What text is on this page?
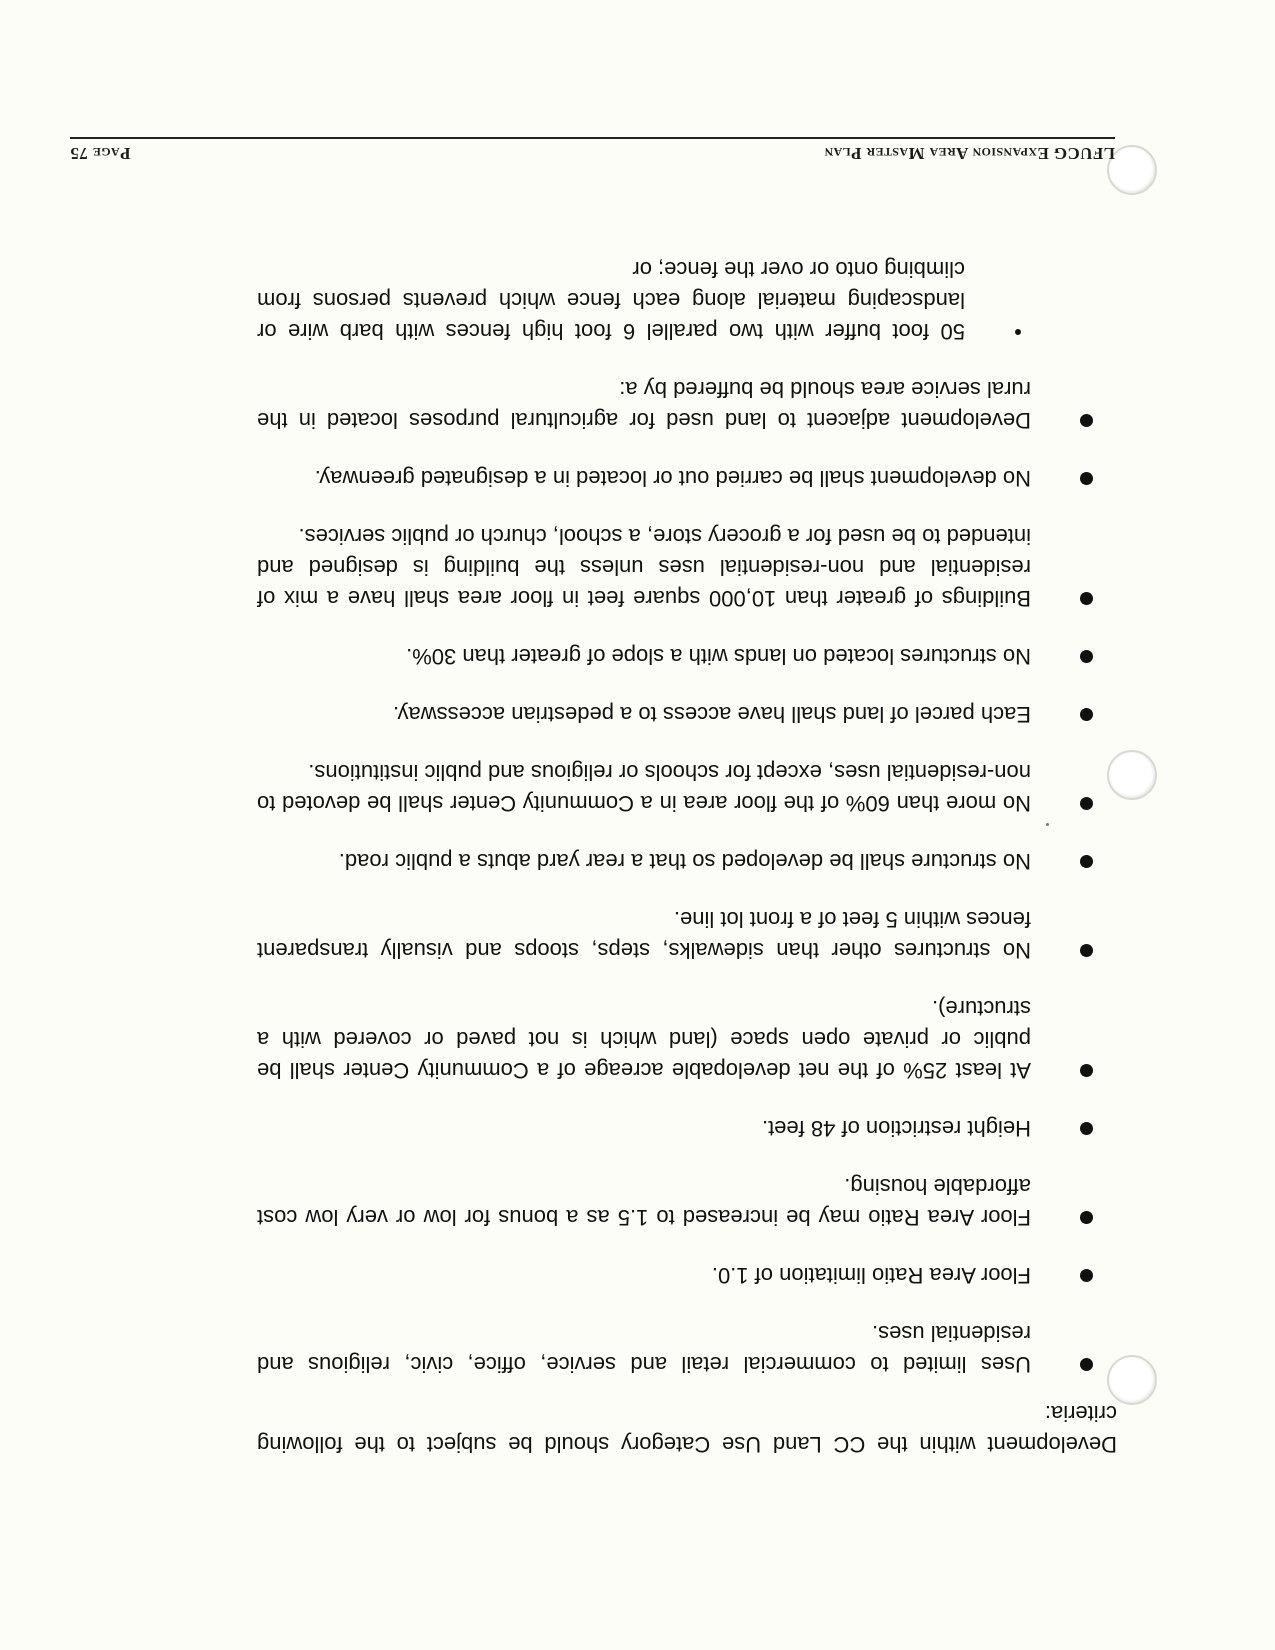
LFUCG Expansion Area Master Plan
Page 75

Development within the CC Land Use Category should be subject to the following criteria:

Uses limited to commercial retail and service, office, civic, religious and residential uses.
Floor Area Ratio limitation of 1.0.
Floor Area Ratio may be increased to 1.5 as a bonus for low or very low cost affordable housing.
Height restriction of 48 feet.
At least 25% of the net developable acreage of a Community Center shall be public or private open space (land which is not paved or covered with a structure).
No structures other than sidewalks, steps, stoops and visually transparent fences within 5 feet of a front lot line.
No structure shall be developed so that a rear yard abuts a public road.
No more than 60% of the floor area in a Community Center shall be devoted to non-residential uses, except for schools or religious and public institutions.
Each parcel of land shall have access to a pedestrian accessway.
No structures located on lands with a slope of greater than 30%.
Buildings of greater than 10,000 square feet in floor area shall have a mix of residential and non-residential uses unless the building is designed and intended to be used for a grocery store, a school, church or public services.
No development shall be carried out or located in a designated greenway.
Development adjacent to land used for agricultural purposes located in the rural service area should be buffered by a:
50 foot buffer with two parallel 6 foot high fences with barb wire or landscaping material along each fence which prevents persons from climbing onto or over the fence; or
